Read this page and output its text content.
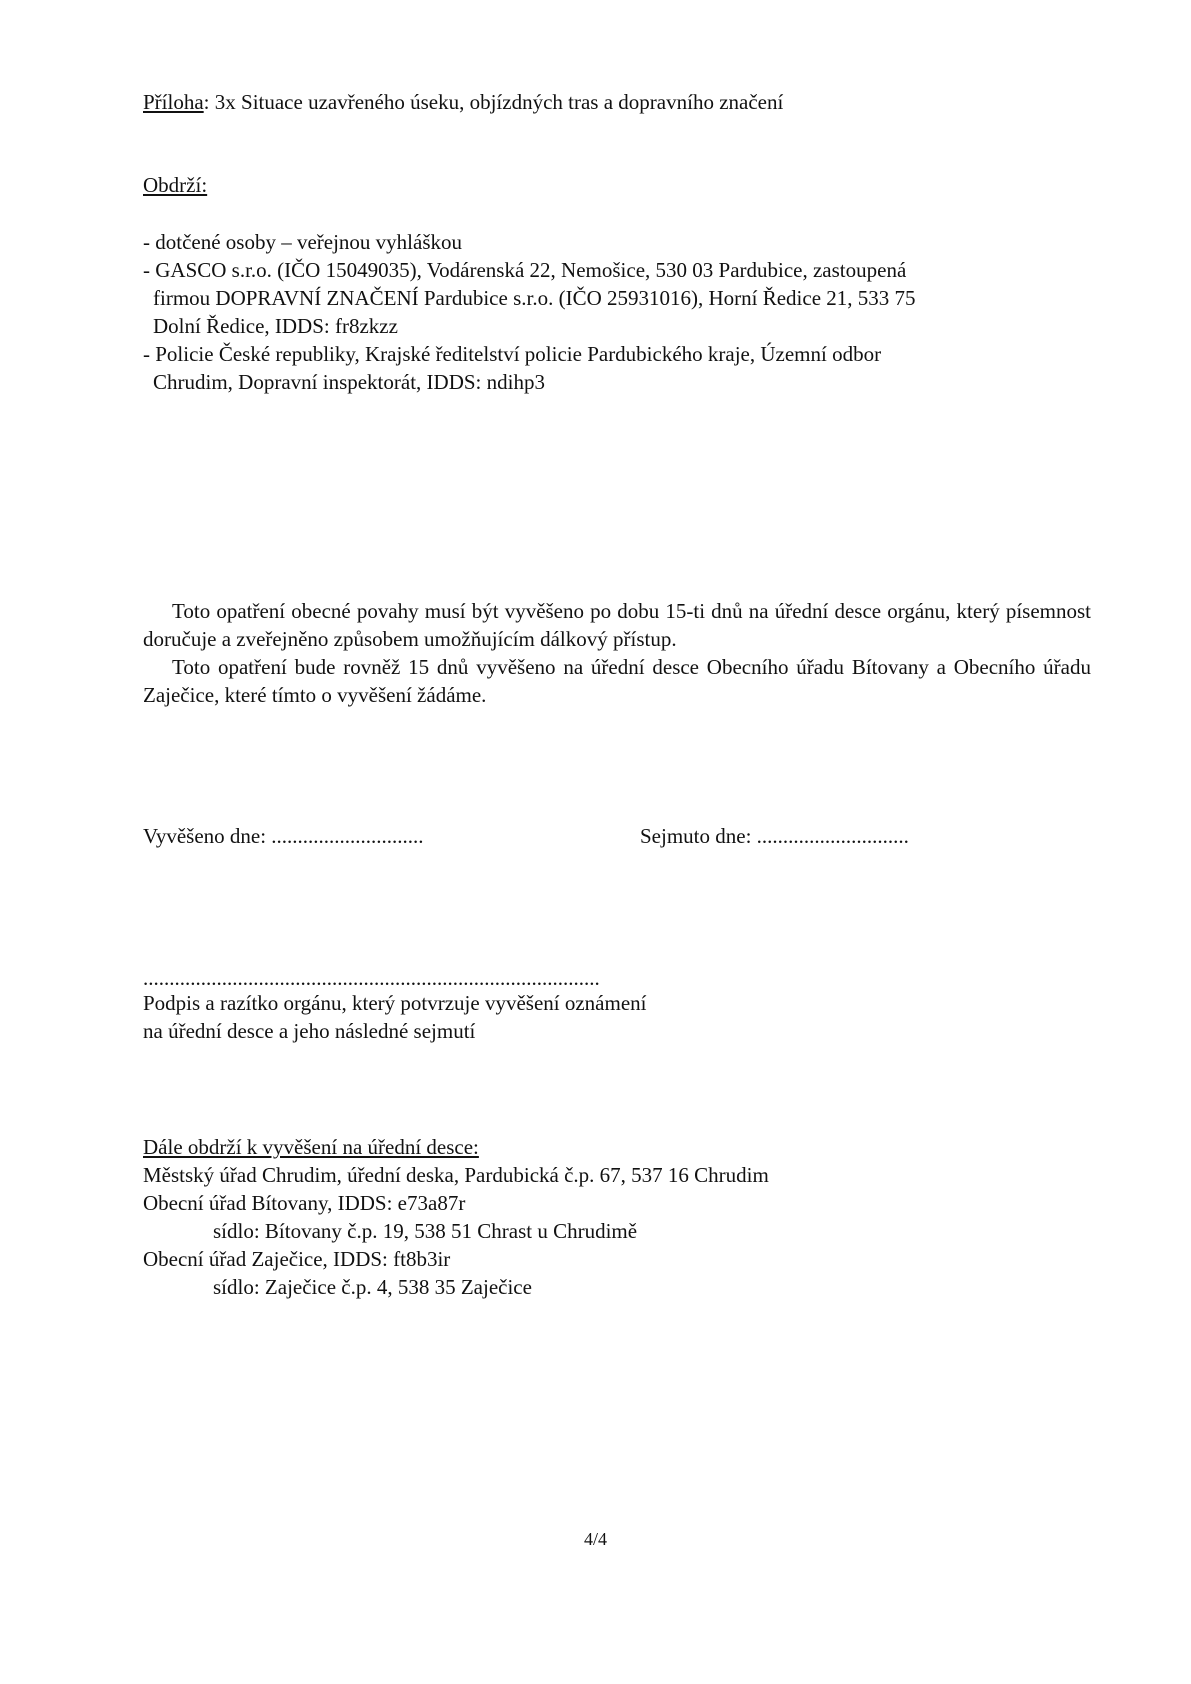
Příloha: 3x Situace uzavřeného úseku, objízdných tras a dopravního značení
Obdrží:
- dotčené osoby – veřejnou vyhláškou
- GASCO s.r.o. (IČO 15049035), Vodárenská 22, Nemošice, 530 03 Pardubice, zastoupená
firmou DOPRAVNÍ ZNAČENÍ Pardubice s.r.o. (IČO 25931016), Horní Ředice 21, 533 75
Dolní Ředice, IDDS: fr8zkzz
- Policie České republiky, Krajské ředitelství policie Pardubického kraje, Územní odbor
Chrudim, Dopravní inspektorát, IDDS: ndihp3
Toto opatření obecné povahy musí být vyvěšeno po dobu 15-ti dnů na úřední desce orgánu, který písemnost doručuje a zveřejněno způsobem umožňujícím dálkový přístup.
Toto opatření bude rovněž 15 dnů vyvěšeno na úřední desce Obecního úřadu Bítovany a Obecního úřadu Zaječice, které tímto o vyvěšení žádáme.
Vyvěšeno dne: .............................	Sejmuto dne: .............................
.......................................................................................
Podpis a razítko orgánu, který potvrzuje vyvěšení oznámení
na úřední desce a jeho následné sejmutí
Dále obdrží k vyvěšení na úřední desce:
Městský úřad Chrudim, úřední deska, Pardubická č.p. 67, 537 16 Chrudim
Obecní úřad Bítovany, IDDS: e73a87r
sídlo: Bítovany č.p. 19, 538 51 Chrast u Chrudimě
Obecní úřad Zaječice, IDDS: ft8b3ir
sídlo: Zaječice č.p. 4, 538 35 Zaječice
4/4
